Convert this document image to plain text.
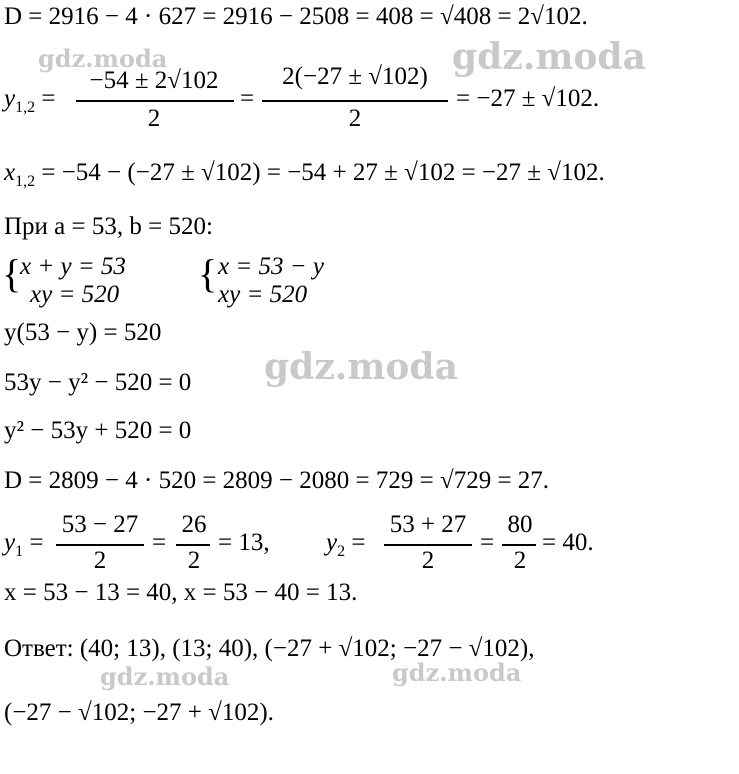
D = 2916 − 4 · 627 = 2916 − 2508 = 408 = √408 = 2√102.
$y_{1,2}$ =
−54 ± 2√102
2
=
2(−27 ± √102)
2
= −27 ± √102.
$x_{1,2} = -54 - (-27 \pm √102) = -54 + 27 \pm √102 = -27 \pm √102$.
При a = 53, b = 520:
{
x + y = 53
xy = 520 { x = 53 − y
xy = 520
y(53 − y) = 520
53y − y² − 520 = 0
y² − 53y + 520 = 0
D = 2809 − 4 · 520 = 2809 − 2080 = 729 = √729 = 27.
$y_1$ =
53 − 27
2
=
26
2
= 13, $y_2$ =
53 + 27
2
=
80
2
= 40.
x = 53 − 13 = 40, x = 53 − 40 = 13.
Ответ: (40; 13), (13; 40), (−27 + √102; −27 − √102),
(−27 − √102; −27 + √102).
gdz.moda	gdz.moda
gdz.moda
gdz.moda	gdz.moda
